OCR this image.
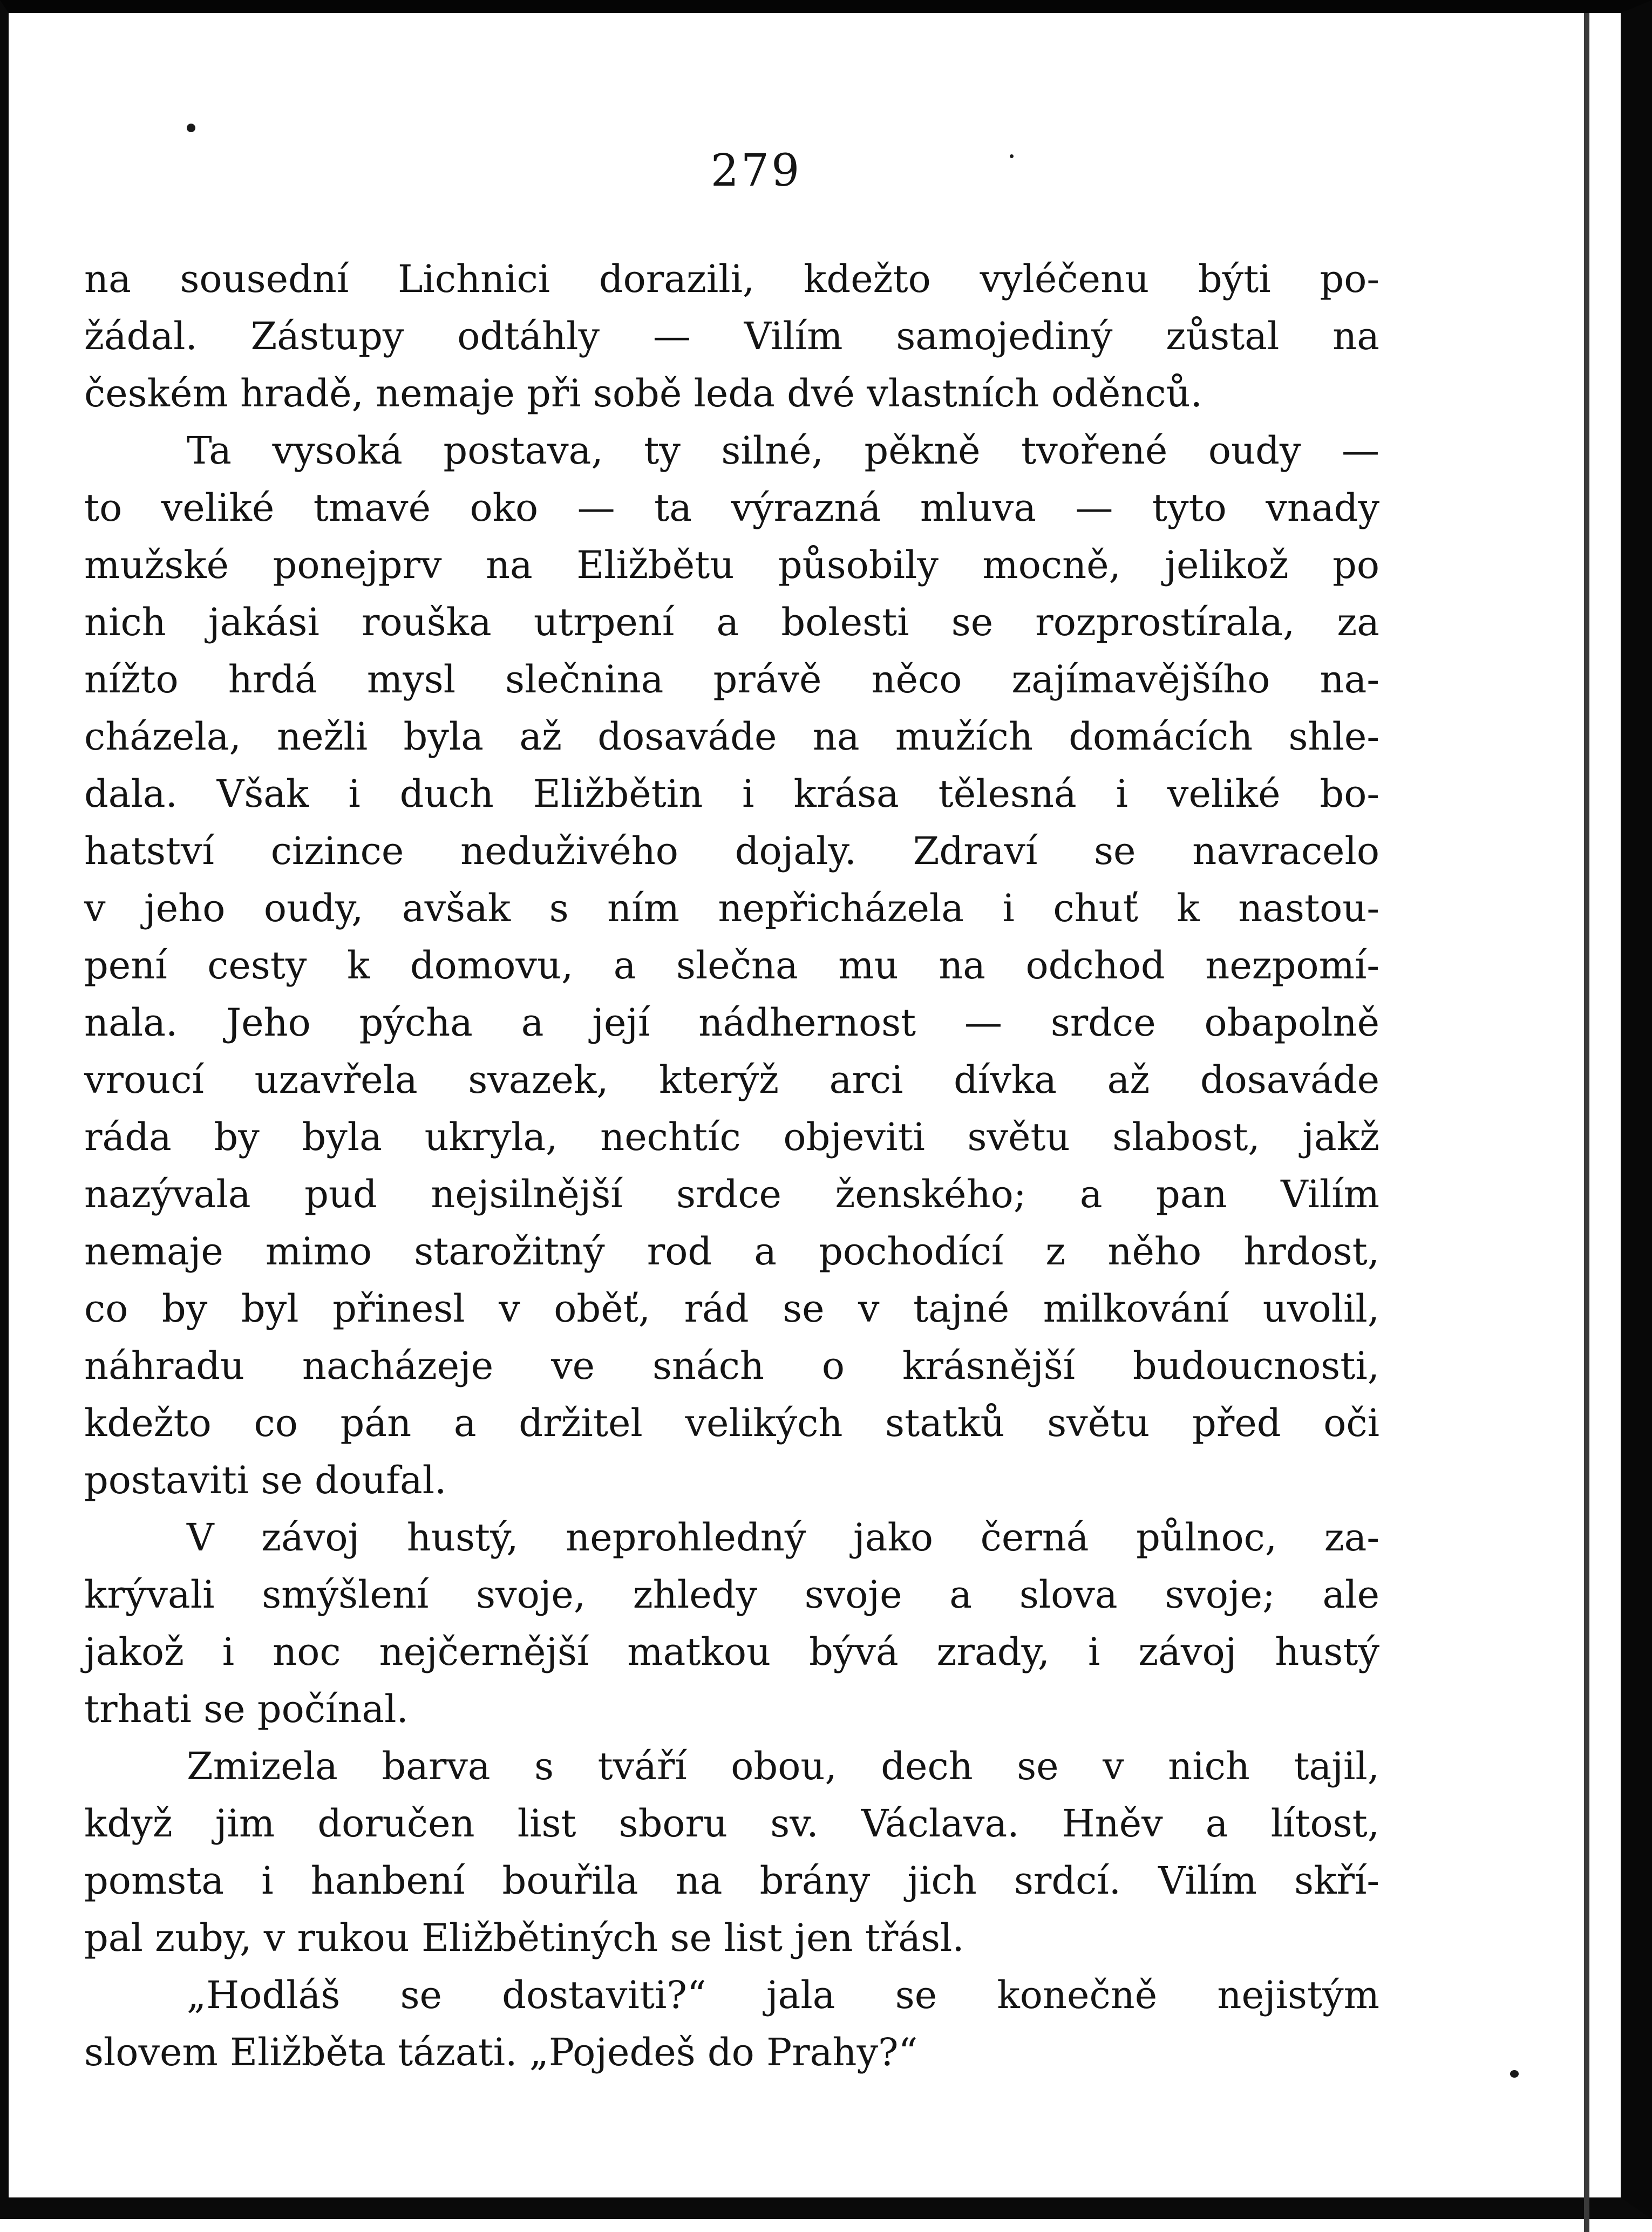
279
na sousední Lichnici dorazili, kdežto vyléčenu býti po-
žádal. Zástupy odtáhly — Vilím samojediný zůstal na
českém hradě, nemaje při sobě leda dvé vlastních oděnců.
Ta vysoká postava, ty silné, pěkně tvořené oudy —
to veliké tmavé oko — ta výrazná mluva — tyto vnady
mužské ponejprv na Eližbětu působily mocně, jelikož po
nich jakási rouška utrpení a bolesti se rozprostírala, za
nížto hrdá mysl slečnina právě něco zajímavějšího na-
cházela, nežli byla až dosaváde na mužích domácích shle-
dala. Však i duch Eližbětin i krása tělesná i veliké bo-
hatství cizince neduživého dojaly. Zdraví se navracelo
v jeho oudy, avšak s ním nepřicházela i chuť k nastou-
pení cesty k domovu, a slečna mu na odchod nezpomí-
nala. Jeho pýcha a její nádhernost — srdce obapolně
vroucí uzavřela svazek, kterýž arci dívka až dosaváde
ráda by byla ukryla, nechtíc objeviti světu slabost, jakž
nazývala pud nejsilnější srdce ženského; a pan Vilím
nemaje mimo starožitný rod a pochodící z něho hrdost,
co by byl přinesl v oběť, rád se v tajné milkování uvolil,
náhradu nacházeje ve snách o krásnější budoucnosti,
kdežto co pán a držitel velikých statků světu před oči
postaviti se doufal.
V závoj hustý, neprohledný jako černá půlnoc, za-
krývali smýšlení svoje, zhledy svoje a slova svoje; ale
jakož i noc nejčernější matkou bývá zrady, i závoj hustý
trhati se počínal.
Zmizela barva s tváří obou, dech se v nich tajil,
když jim doručen list sboru sv. Václava. Hněv a lítost,
pomsta i hanbení bouřila na brány jich srdcí. Vilím skří-
pal zuby, v rukou Eližbětiných se list jen třásl.
„Hodláš se dostaviti?“ jala se konečně nejistým
slovem Eližběta tázati. „Pojedeš do Prahy?“
